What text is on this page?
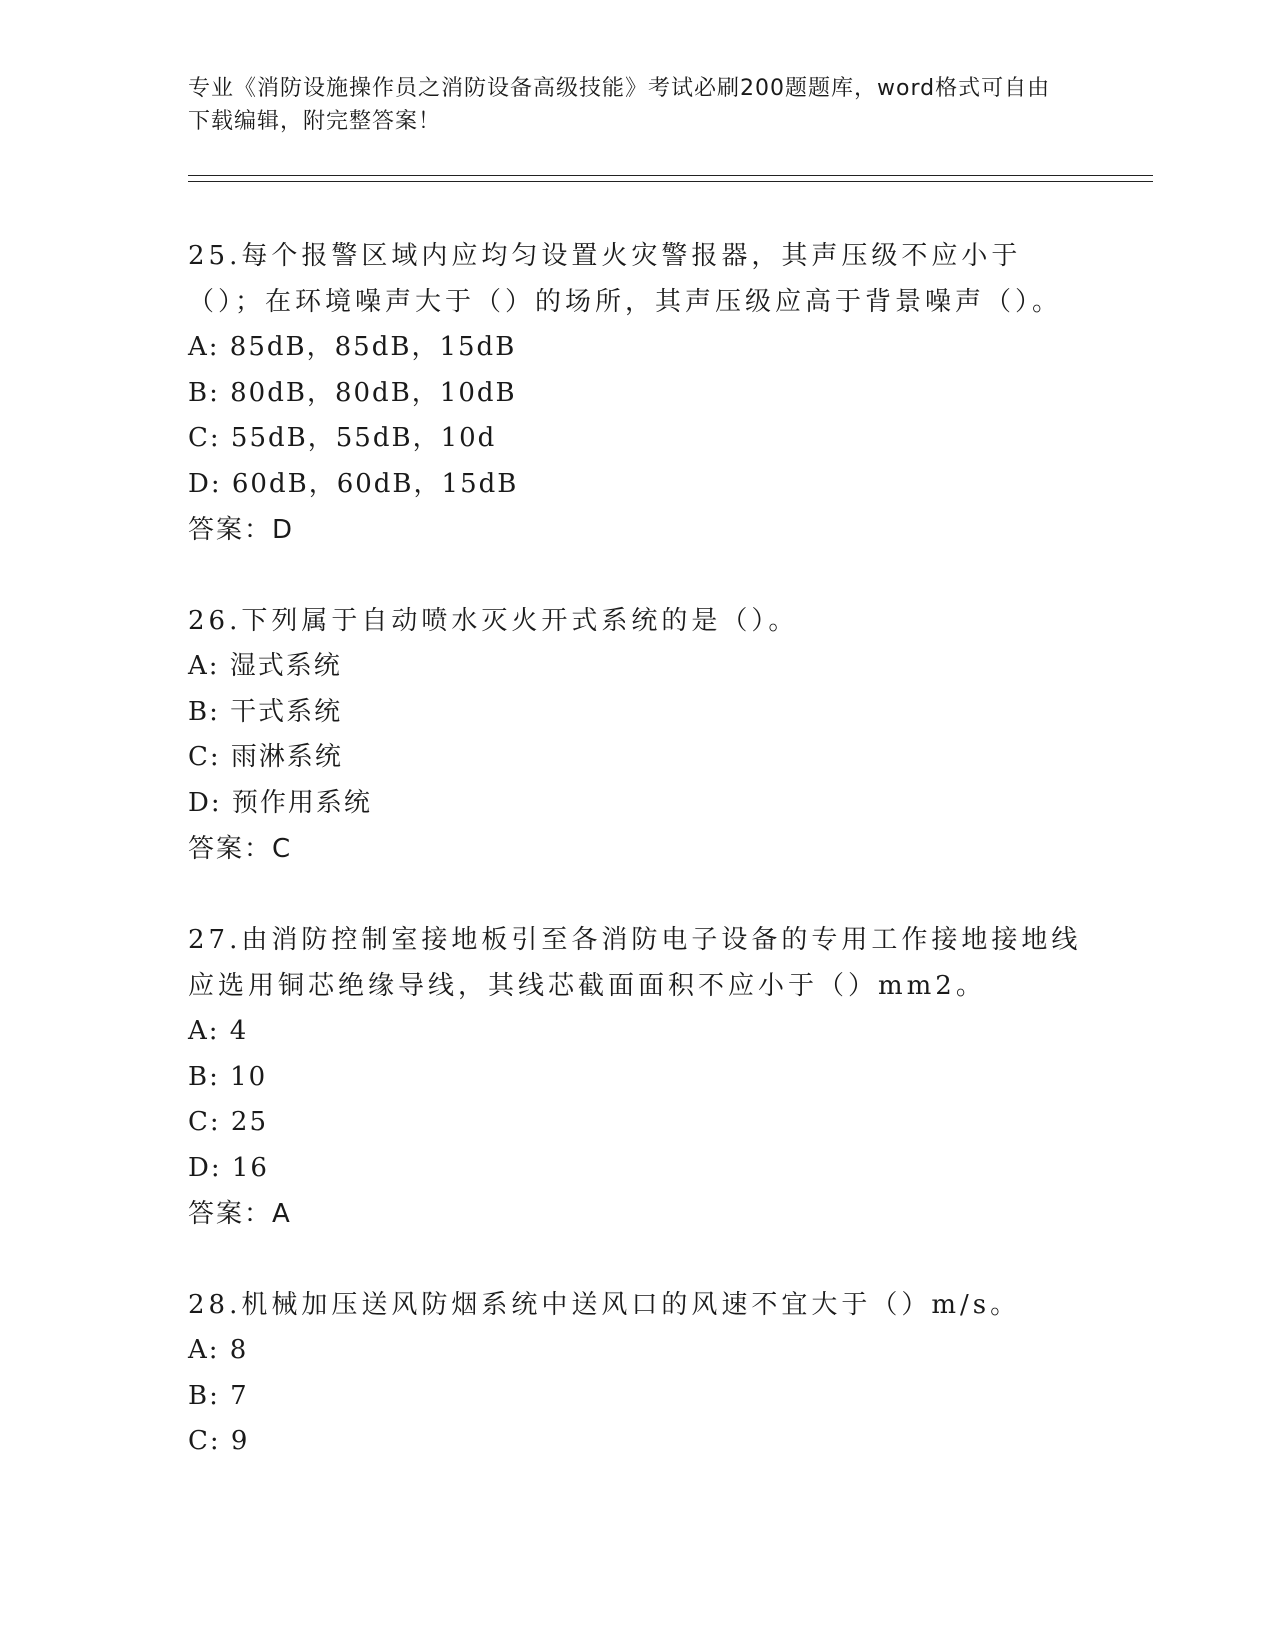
专业《消防设施操作员之消防设备高级技能》考试必刷200题题库，word格式可自由下载编辑，附完整答案！

25.每个报警区域内应均匀设置火灾警报器，其声压级不应小于（）；在环境噪声大于（）的场所，其声压级应高于背景噪声（）。

A: 85dB，85dB，15dB

B: 80dB，80dB，10dB

C: 55dB，55dB，10d

D: 60dB，60dB，15dB

答案：D

26.下列属于自动喷水灭火开式系统的是（）。

A: 湿式系统

B: 干式系统

C: 雨淋系统

D: 预作用系统

答案：C

27.由消防控制室接地板引至各消防电子设备的专用工作接地接地线应选用铜芯绝缘导线，其线芯截面面积不应小于（）mm2。

A: 4

B: 10

C: 25

D: 16

答案：A

28.机械加压送风防烟系统中送风口的风速不宜大于（）m/s。

A: 8

B: 7

C: 9
